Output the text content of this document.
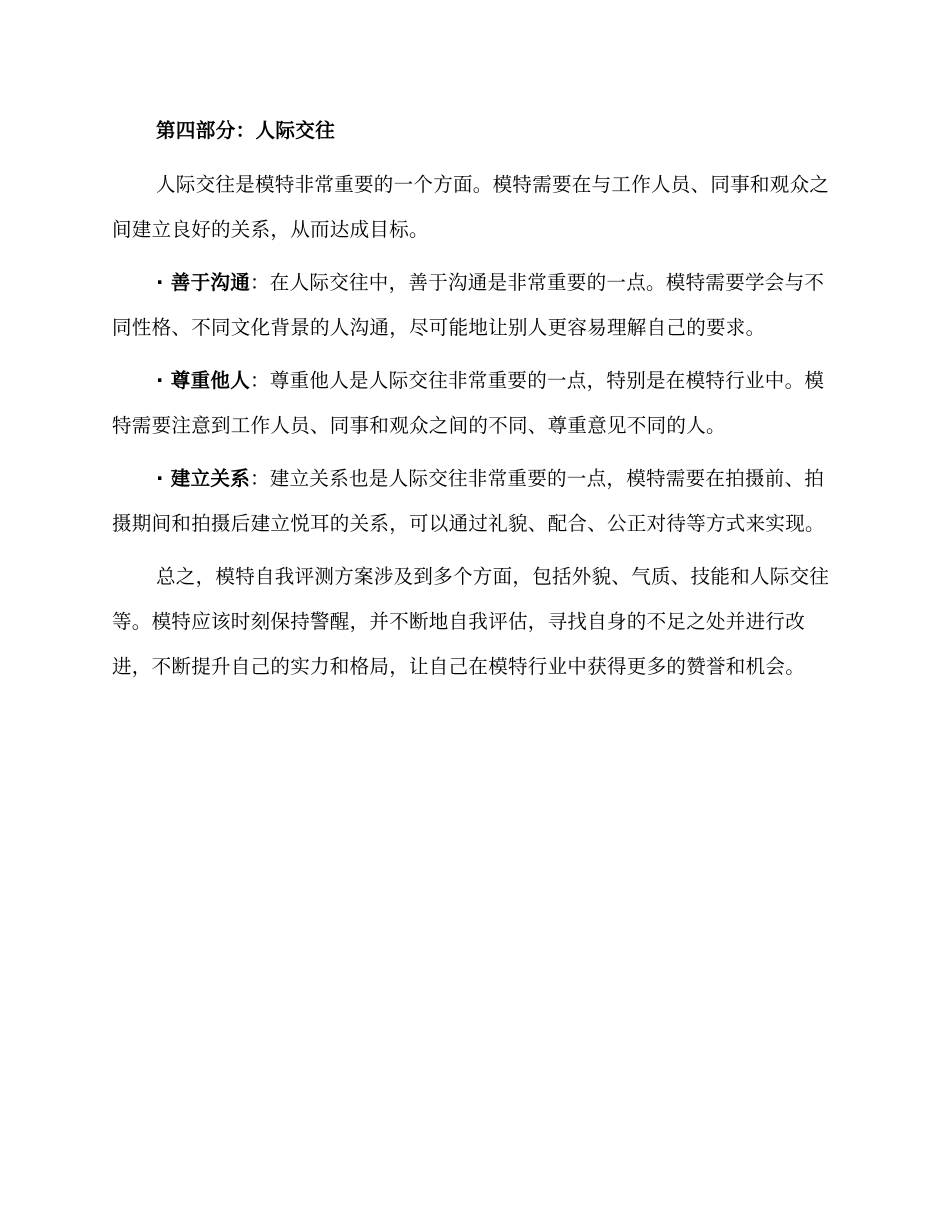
第四部分：人际交往

人际交往是模特非常重要的一个方面。模特需要在与工作人员、同事和观众之间建立良好的关系，从而达成目标。

· 善于沟通：在人际交往中，善于沟通是非常重要的一点。模特需要学会与不同性格、不同文化背景的人沟通，尽可能地让别人更容易理解自己的要求。

· 尊重他人：尊重他人是人际交往非常重要的一点，特别是在模特行业中。模特需要注意到工作人员、同事和观众之间的不同、尊重意见不同的人。

· 建立关系：建立关系也是人际交往非常重要的一点，模特需要在拍摄前、拍摄期间和拍摄后建立悦耳的关系，可以通过礼貌、配合、公正对待等方式来实现。

总之，模特自我评测方案涉及到多个方面，包括外貌、气质、技能和人际交往等。模特应该时刻保持警醒，并不断地自我评估，寻找自身的不足之处并进行改进，不断提升自己的实力和格局，让自己在模特行业中获得更多的赞誉和机会。
